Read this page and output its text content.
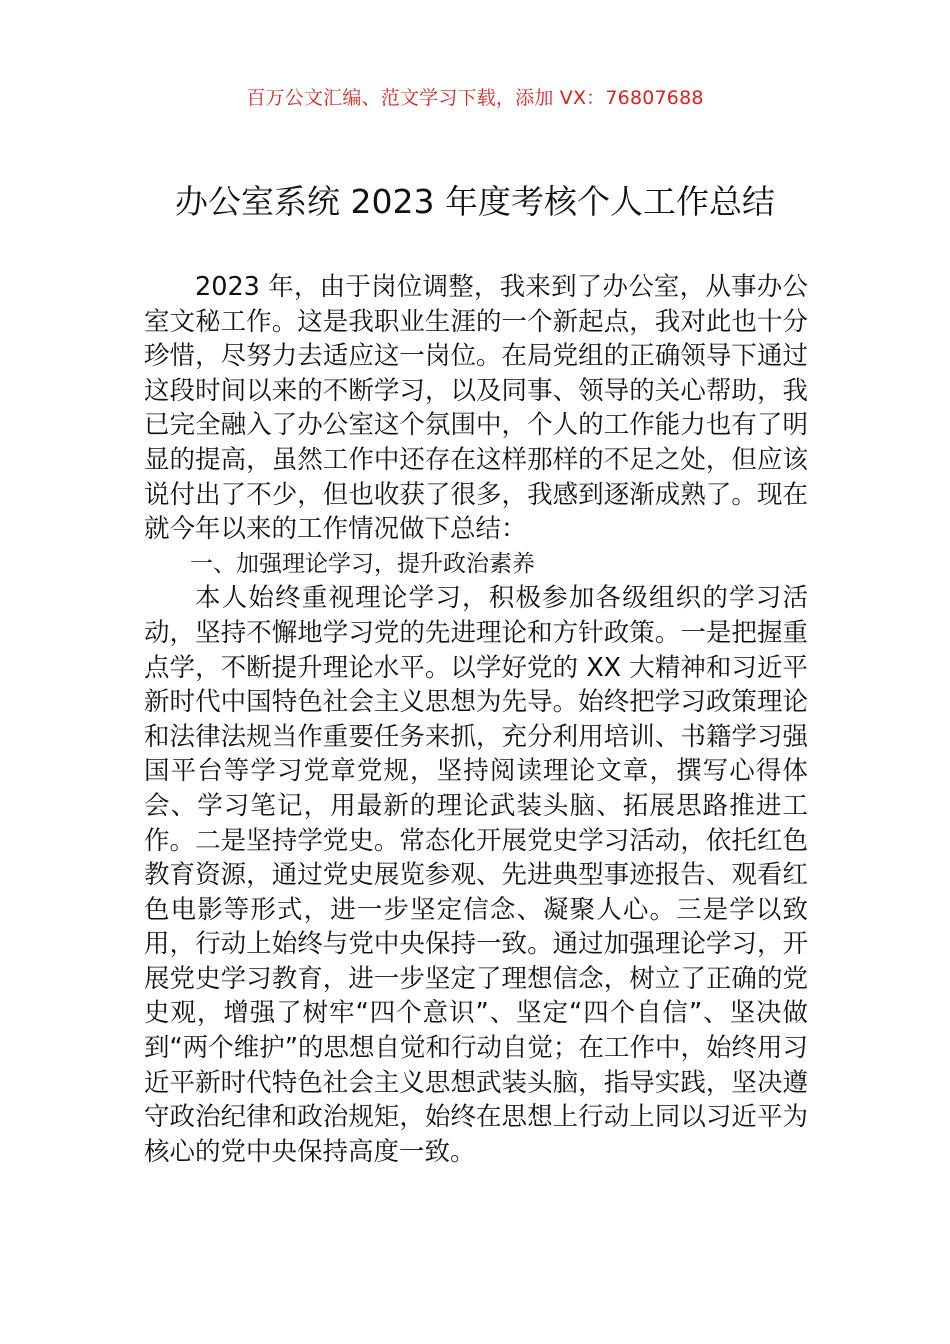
百万公文汇编、范文学习下载，添加 VX：76807688
办公室系统 2023 年度考核个人工作总结

2023 年，由于岗位调整，我来到了办公室，从事办公室文秘工作。这是我职业生涯的一个新起点，我对此也十分珍惜，尽努力去适应这一岗位。在局党组的正确领导下通过这段时间以来的不断学习，以及同事、领导的关心帮助，我已完全融入了办公室这个氛围中，个人的工作能力也有了明显的提高，虽然工作中还存在这样那样的不足之处，但应该说付出了不少，但也收获了很多，我感到逐渐成熟了。现在就今年以来的工作情况做下总结：

一、加强理论学习，提升政治素养

本人始终重视理论学习，积极参加各级组织的学习活动，坚持不懈地学习党的先进理论和方针政策。一是把握重点学，不断提升理论水平。以学好党的 XX 大精神和习近平新时代中国特色社会主义思想为先导。始终把学习政策理论和法律法规当作重要任务来抓，充分利用培训、书籍学习强国平台等学习党章党规，坚持阅读理论文章，撰写心得体会、学习笔记，用最新的理论武装头脑、拓展思路推进工作。二是坚持学党史。常态化开展党史学习活动，依托红色教育资源，通过党史展览参观、先进典型事迹报告、观看红色电影等形式，进一步坚定信念、凝聚人心。三是学以致用，行动上始终与党中央保持一致。通过加强理论学习，开展党史学习教育，进一步坚定了理想信念，树立了正确的党史观，增强了树牢“四个意识”、坚定“四个自信”、坚决做到“两个维护”的思想自觉和行动自觉；在工作中，始终用习近平新时代特色社会主义思想武装头脑，指导实践，坚决遵守政治纪律和政治规矩，始终在思想上行动上同以习近平为核心的党中央保持高度一致。
